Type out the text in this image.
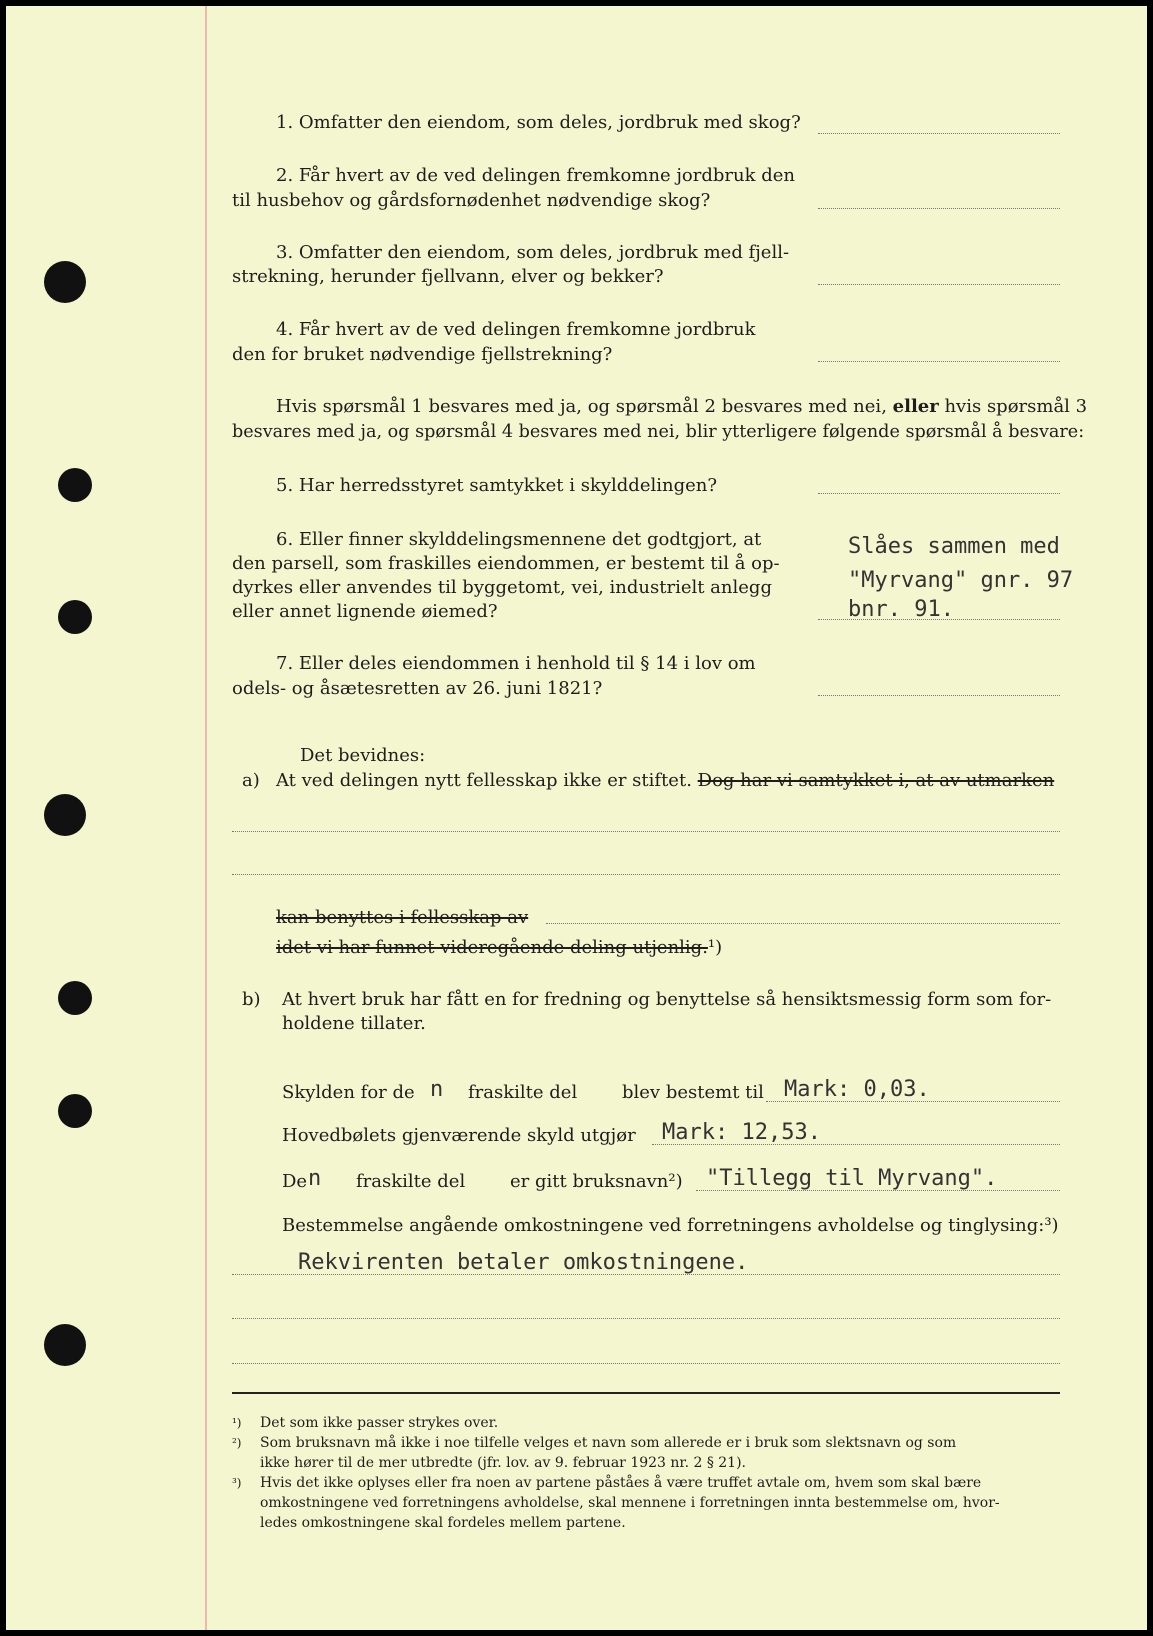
1. Omfatter den eiendom, som deles, jordbruk med skog?
2. Får hvert av de ved delingen fremkomne jordbruk den
til husbehov og gårdsfornødenhet nødvendige skog?
3. Omfatter den eiendom, som deles, jordbruk med fjell-
strekning, herunder fjellvann, elver og bekker?
4. Får hvert av de ved delingen fremkomne jordbruk
den for bruket nødvendige fjellstrekning?
Hvis spørsmål 1 besvares med ja, og spørsmål 2 besvares med nei, eller hvis spørsmål 3
besvares med ja, og spørsmål 4 besvares med nei, blir ytterligere følgende spørsmål å besvare:
5. Har herredsstyret samtykket i skylddelingen?
6. Eller finner skylddelingsmennene det godtgjort, at
den parsell, som fraskilles eiendommen, er bestemt til å op-
dyrkes eller anvendes til byggetomt, vei, industrielt anlegg
eller annet lignende øiemed?
Slåes sammen med
"Myrvang" gnr. 97
bnr. 91.
7. Eller deles eiendommen i henhold til § 14 i lov om
odels- og åsætesretten av 26. juni 1821?
Det bevidnes:
a) At ved delingen nytt fellesskap ikke er stiftet. Dog har vi samtykket i, at av utmarken
kan benyttes i fellesskap av
idet vi har funnet videregående deling utjenlig.¹)
b) At hvert bruk har fått en for fredning og benyttelse så hensiktsmessig form som for-
holdene tillater.
Skylden for de n fraskilte del blev bestemt til Mark: 0,03.
Hovedbølets gjenværende skyld utgjør Mark: 12,53.
De n fraskilte del er gitt bruksnavn²) "Tillegg til Myrvang".
Bestemmelse angående omkostningene ved forretningens avholdelse og tinglysing:³)
Rekvirenten betaler omkostningene.
¹) Det som ikke passer strykes over.
²) Som bruksnavn må ikke i noe tilfelle velges et navn som allerede er i bruk som slektsnavn og som
ikke hører til de mer utbredte (jfr. lov. av 9. februar 1923 nr. 2 § 21).
³) Hvis det ikke oplyses eller fra noen av partene påståes å være truffet avtale om, hvem som skal bære
omkostningene ved forretningens avholdelse, skal mennene i forretningen innta bestemmelse om, hvor-
ledes omkostningene skal fordeles mellem partene.
